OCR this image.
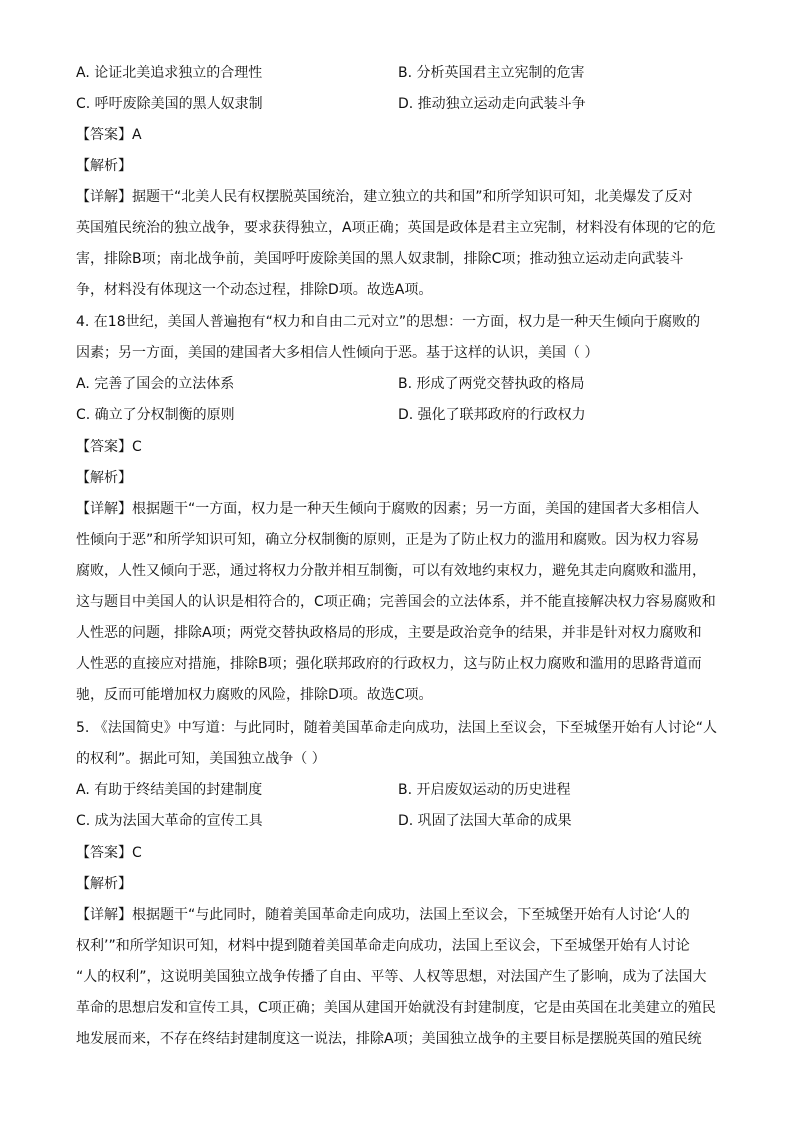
A. 论证北美追求独立的合理性	B. 分析英国君主立宪制的危害
C. 呼吁废除美国的黑人奴隶制	D. 推动独立运动走向武装斗争
【答案】A
【解析】
【详解】据题干“北美人民有权摆脱英国统治，建立独立的共和国”和所学知识可知，北美爆发了反对
英国殖民统治的独立战争，要求获得独立，A项正确；英国是政体是君主立宪制，材料没有体现的它的危
害，排除B项；南北战争前，美国呼吁废除美国的黑人奴隶制，排除C项；推动独立运动走向武装斗
争，材料没有体现这一个动态过程，排除D项。故选A项。
4. 在18世纪，美国人普遍抱有“权力和自由二元对立”的思想：一方面，权力是一种天生倾向于腐败的
因素；另一方面，美国的建国者大多相信人性倾向于恶。基于这样的认识，美国（ ）
A. 完善了国会的立法体系	B. 形成了两党交替执政的格局
C. 确立了分权制衡的原则	D. 强化了联邦政府的行政权力
【答案】C
【解析】
【详解】根据题干“一方面，权力是一种天生倾向于腐败的因素；另一方面，美国的建国者大多相信人
性倾向于恶”和所学知识可知，确立分权制衡的原则，正是为了防止权力的滥用和腐败。因为权力容易
腐败，人性又倾向于恶，通过将权力分散并相互制衡，可以有效地约束权力，避免其走向腐败和滥用，
这与题目中美国人的认识是相符合的，C项正确；完善国会的立法体系，并不能直接解决权力容易腐败和
人性恶的问题，排除A项；两党交替执政格局的形成，主要是政治竞争的结果，并非是针对权力腐败和
人性恶的直接应对措施，排除B项；强化联邦政府的行政权力，这与防止权力腐败和滥用的思路背道而
驰，反而可能增加权力腐败的风险，排除D项。故选C项。
5. 《法国简史》中写道：与此同时，随着美国革命走向成功，法国上至议会，下至城堡开始有人讨论“人
的权利”。据此可知，美国独立战争（ ）
A. 有助于终结美国的封建制度	B. 开启废奴运动的历史进程
C. 成为法国大革命的宣传工具	D. 巩固了法国大革命的成果
【答案】C
【解析】
【详解】根据题干“与此同时，随着美国革命走向成功，法国上至议会，下至城堡开始有人讨论‘人的
权利’”和所学知识可知，材料中提到随着美国革命走向成功，法国上至议会，下至城堡开始有人讨论
“人的权利”，这说明美国独立战争传播了自由、平等、人权等思想，对法国产生了影响，成为了法国大
革命的思想启发和宣传工具，C项正确；美国从建国开始就没有封建制度，它是由英国在北美建立的殖民
地发展而来，不存在终结封建制度这一说法，排除A项；美国独立战争的主要目标是摆脱英国的殖民统
